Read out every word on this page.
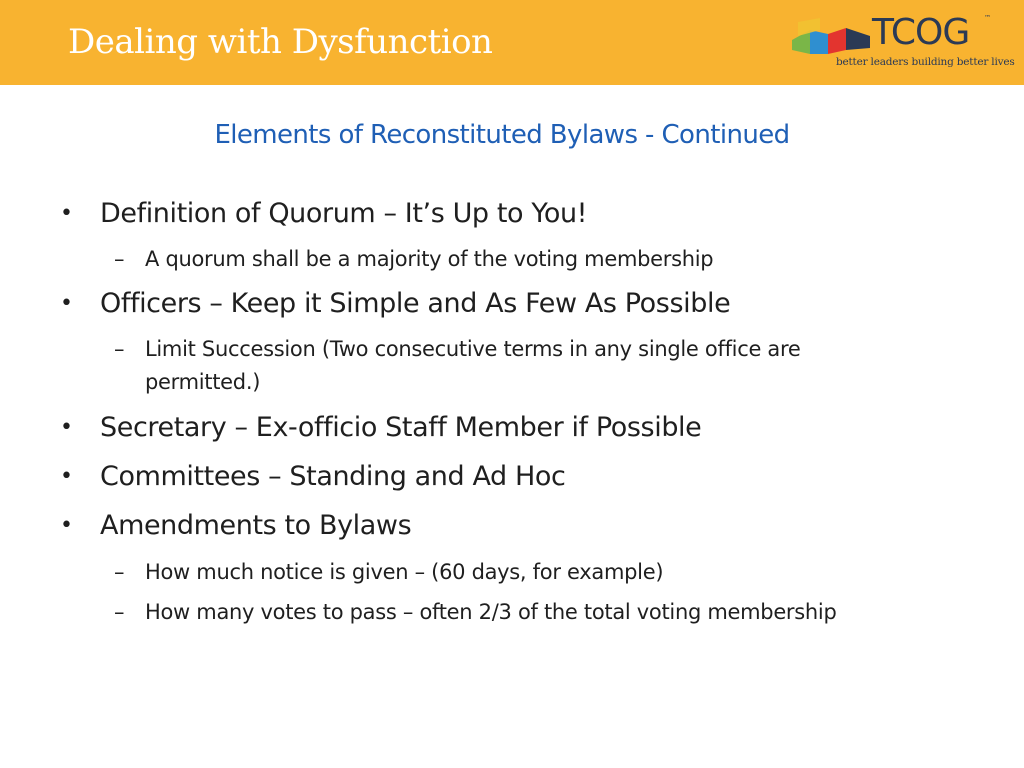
Dealing with Dysfunction	TCOG ™
better leaders building better lives
Elements of Reconstituted Bylaws - Continued
• Definition of Quorum – It’s Up to You!
– A quorum shall be a majority of the voting membership
• Officers – Keep it Simple and As Few As Possible
– Limit Succession (Two consecutive terms in any single office are
permitted.)
• Secretary – Ex-officio Staff Member if Possible
• Committees – Standing and Ad Hoc
• Amendments to Bylaws
– How much notice is given – (60 days, for example)
– How many votes to pass – often 2/3 of the total voting membership
